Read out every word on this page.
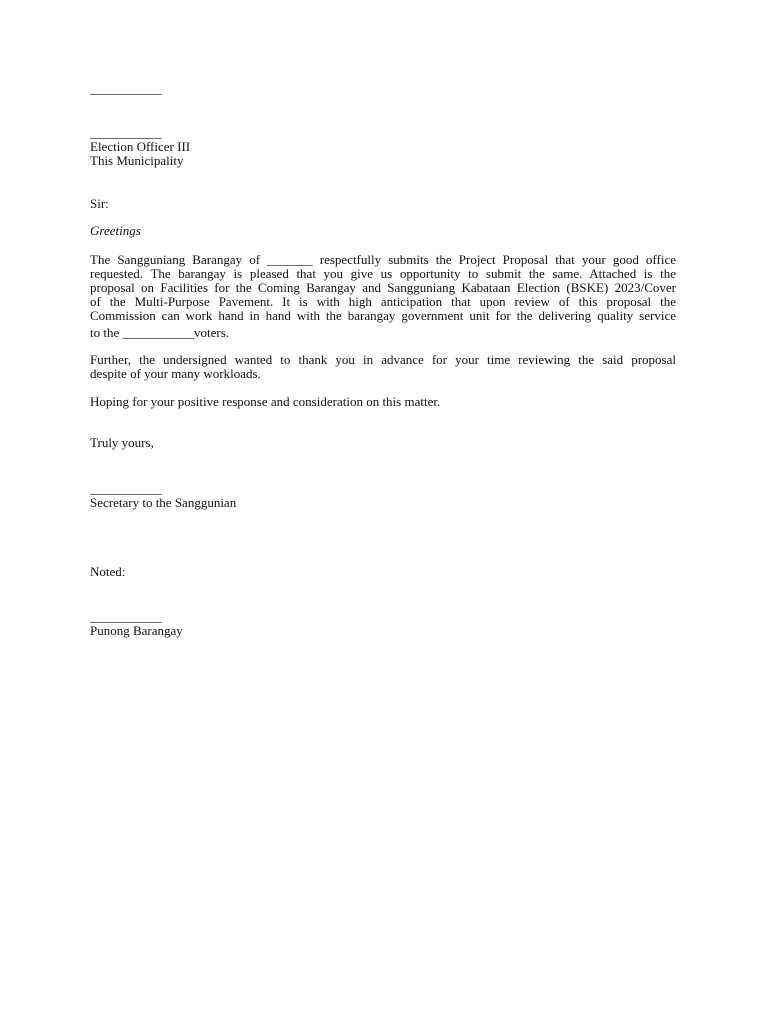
___________
___________
Election Officer III
This Municipality
Sir:
Greetings
The Sangguniang Barangay of _______ respectfully submits the Project Proposal that your good office
requested. The barangay is pleased that you give us opportunity to submit the same. Attached is the
proposal on Facilities for the Coming Barangay and Sangguniang Kabataan Election (BSKE) 2023/Cover
of the Multi-Purpose Pavement. It is with high anticipation that upon review of this proposal the
Commission can work hand in hand with the barangay government unit for the delivering quality service
to the ___________voters.
Further, the undersigned wanted to thank you in advance for your time reviewing the said proposal
despite of your many workloads.
Hoping for your positive response and consideration on this matter.
Truly yours,
___________
Secretary to the Sanggunian
Noted:
___________
Punong Barangay
